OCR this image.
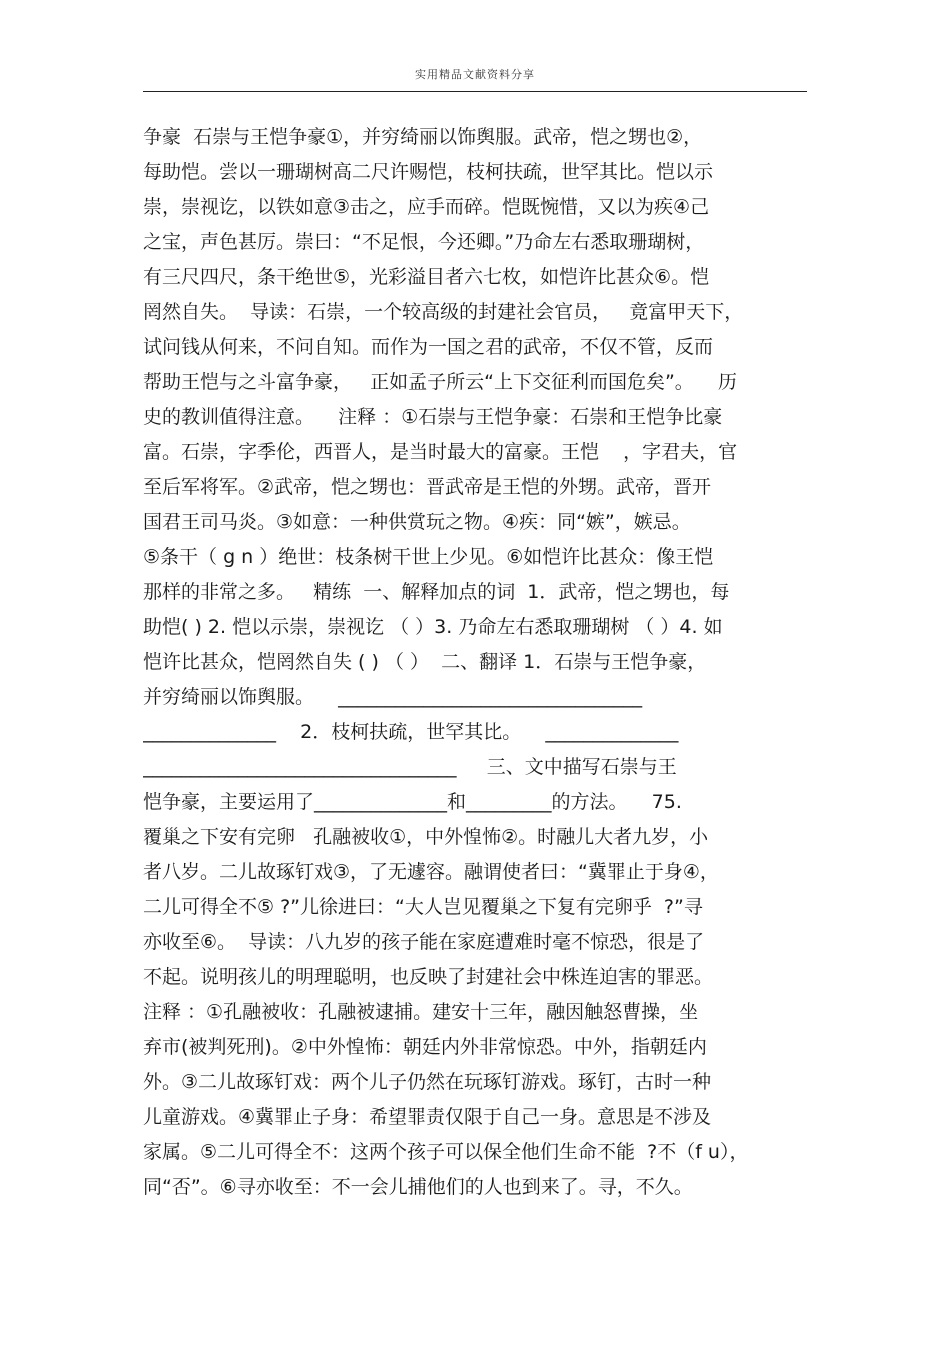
实用精品文献资料分享
争豪  石崇与王恺争豪①，并穷绮丽以饰舆服。武帝，恺之甥也②，
每助恺。尝以一珊瑚树高二尺许赐恺，枝柯扶疏，世罕其比。恺以示
崇，崇视讫，以铁如意③击之，应手而碎。恺既惋惜，又以为疾④己
之宝，声色甚厉。崇曰：“不足恨，今还卿。”乃命左右悉取珊瑚树，
有三尺四尺，条干绝世⑤，光彩溢目者六七枚，如恺许比甚众⑥。恺
罔然自失。  导读：石崇，一个较高级的封建社会官员，   竟富甲天下，
试问钱从何来，不问自知。而作为一国之君的武帝，不仅不管，反而
帮助王恺与之斗富争豪，   正如孟子所云“上下交征利而国危矣”。    历
史的教训值得注意。    注释 ：①石崇与王恺争豪：石崇和王恺争比豪
富。石崇，字季伦，西晋人，是当时最大的富豪。王恺    ，字君夫，官
至后军将军。②武帝，恺之甥也：晋武帝是王恺的外甥。武帝，晋开
国君王司马炎。③如意：一种供赏玩之物。④疾：同“嫉”，嫉忌。
⑤条干（ g n ）绝世：枝条树干世上少见。⑥如恺许比甚众：像王恺
那样的非常之多。   精练  一、解释加点的词  1．武帝，恺之甥也，每
助恺( ) 2. 恺以示崇，崇视讫 （ ）3. 乃命左右悉取珊瑚树 （ ）4. 如
恺许比甚众，恺罔然自失 ( ) （ ）  二、翻译 1．石崇与王恺争豪，
并穷绮丽以饰舆服。    ________________________________
______________    2．枝柯扶疏，世罕其比。    ______________
_________________________________     三、文中描写石崇与王
恺争豪，主要运用了______________和_________的方法。    75.
覆巢之下安有完卵   孔融被收①，中外惶怖②。时融儿大者九岁，小
者八岁。二儿故琢钉戏③，了无遽容。融谓使者曰：“冀罪止于身④，
二儿可得全不⑤ ?”儿徐进曰：“大人岂见覆巢之下复有完卵乎  ?”寻
亦收至⑥。  导读：八九岁的孩子能在家庭遭难时毫不惊恐，很是了
不起。说明孩儿的明理聪明，也反映了封建社会中株连迫害的罪恶。
注释 ：①孔融被收：孔融被逮捕。建安十三年，融因触怒曹操，坐
弃市(被判死刑)。②中外惶怖：朝廷内外非常惊恐。中外，指朝廷内
外。③二儿故琢钉戏：两个儿子仍然在玩琢钉游戏。琢钉，古时一种
儿童游戏。④冀罪止子身：希望罪责仅限于自己一身。意思是不涉及
家属。⑤二儿可得全不：这两个孩子可以保全他们生命不能  ?不（f u），
同“否”。⑥寻亦收至：不一会儿捕他们的人也到来了。寻，不久。
